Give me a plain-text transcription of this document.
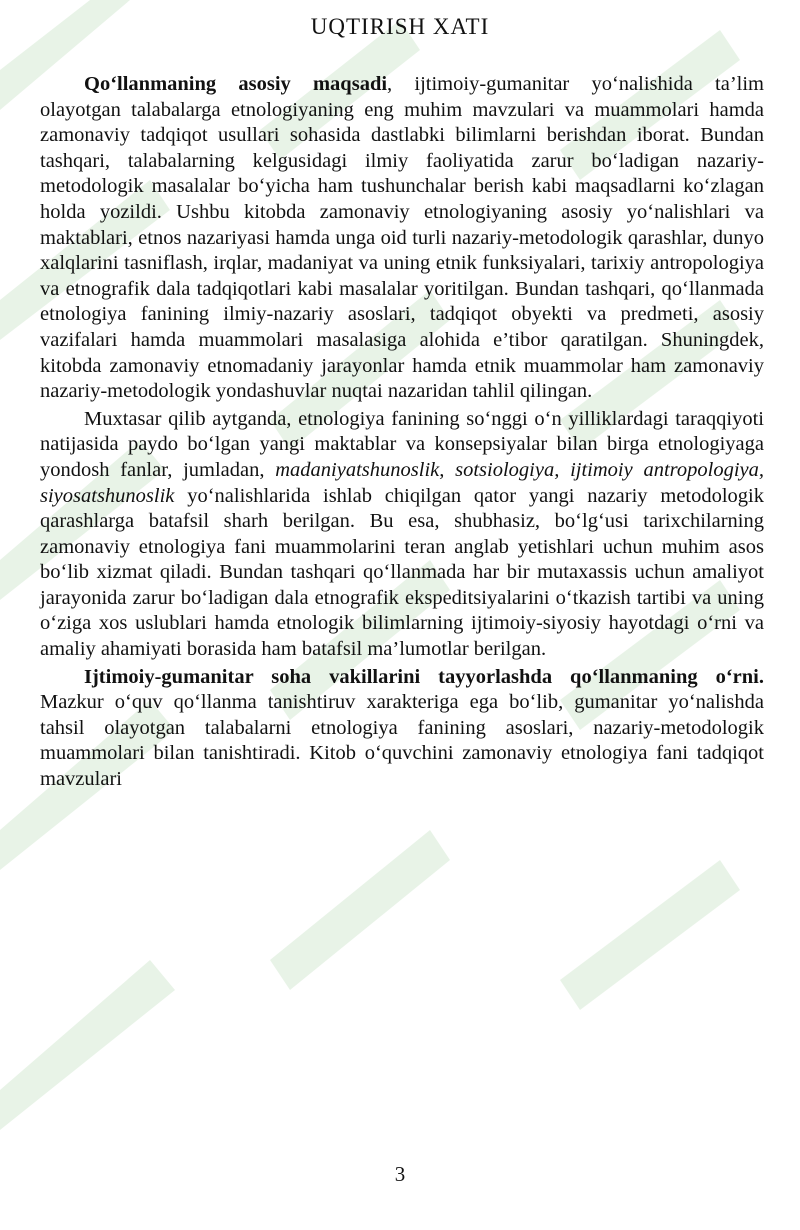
UQTIRISH XATI

Qo‘llanmaning asosiy maqsadi, ijtimoiy-gumanitar yo‘nalishida ta’lim olayotgan talabalarga etnologiyaning eng muhim mavzulari va muammolari hamda zamonaviy tadqiqot usullari sohasida dastlabki bilimlarni berishdan iborat. Bundan tashqari, talabalarning kelgusidagi ilmiy faoliyatida zarur bo‘ladigan nazariy-metodologik masalalar bo‘yicha ham tushunchalar berish kabi maqsadlarni ko‘zlagan holda yozildi. Ushbu kitobda zamonaviy etnologiyaning asosiy yo‘nalishlari va maktablari, etnos nazariyasi hamda unga oid turli nazariy-metodologik qarashlar, dunyo xalqlarini tasniflash, irqlar, madaniyat va uning etnik funksiyalari, tarixiy antropologiya va etnografik dala tadqiqotlari kabi masalalar yoritilgan. Bundan tashqari, qo‘llanmada etnologiya fanining ilmiy-nazariy asoslari, tadqiqot obyekti va predmeti, asosiy vazifalari hamda muammolari masalasiga alohida e’tibor qaratilgan. Shuningdek, kitobda zamonaviy etnomadaniy jarayonlar hamda etnik muammolar ham zamonaviy nazariy-metodologik yondashuvlar nuqtai nazaridan tahlil qilingan.

Muxtasar qilib aytganda, etnologiya fanining so‘nggi o‘n yilliklardagi taraqqiyoti natijasida paydo bo‘lgan yangi maktablar va konsepsiyalar bilan birga etnologiyaga yondosh fanlar, jumladan, madaniyatshunoslik, sotsiologiya, ijtimoiy antropologiya, siyosatshunoslik yo‘nalishlarida ishlab chiqilgan qator yangi nazariy metodologik qarashlarga batafsil sharh berilgan. Bu esa, shubhasiz, bo‘lg‘usi tarixchilarning zamonaviy etnologiya fani muammolarini teran anglab yetishlari uchun muhim asos bo‘lib xizmat qiladi. Bundan tashqari qo‘llanmada har bir mutaxassis uchun amaliyot jarayonida zarur bo‘ladigan dala etnografik ekspeditsiyalarini o‘tkazish tartibi va uning o‘ziga xos uslublari hamda etnologik bilimlarning ijtimoiy-siyosiy hayotdagi o‘rni va amaliy ahamiyati borasida ham batafsil ma’lumotlar berilgan.

Ijtimoiy-gumanitar soha vakillarini tayyorlashda qo‘llanmaning o‘rni. Mazkur o‘quv qo‘llanma tanishtiruv xarakteriga ega bo‘lib, gumanitar yo‘nalishda tahsil olayotgan talabalarni etnologiya fanining asoslari, nazariy-metodologik muammolari bilan tanishtiradi. Kitob o‘quvchini zamonaviy etnologiya fani tadqiqot mavzulari

3
